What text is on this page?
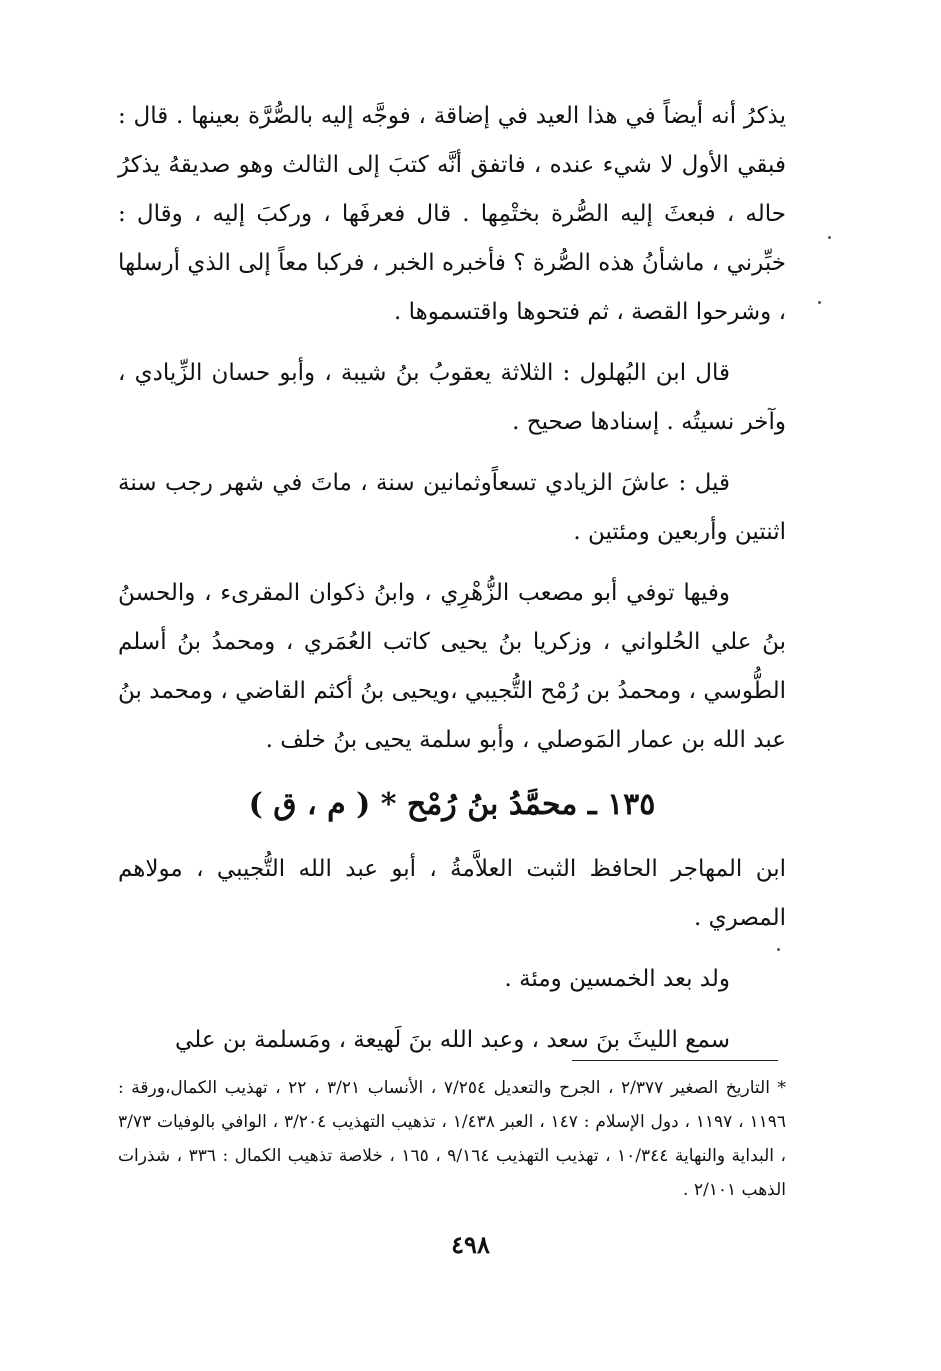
يذكرُ أنه أيضاً في هذا العيد في إضاقة ، فوجَّه إليه بالصُّرَّة بعينها . قال : فبقي الأول لا شيء عنده ، فاتفق أنَّه كتبَ إلى الثالث وهو صديقهُ يذكرُ حاله ، فبعثَ إليه الصُّرة بختْمِها . قال فعرفَها ، وركبَ إليه ، وقال : خبِّرني ، ماشأنُ هذه الصُّرة ؟ فأخبره الخبر ، فركبا معاً إلى الذي أرسلها ، وشرحوا القصة ، ثم فتحوها واقتسموها .

قال ابن البُهلول : الثلاثة يعقوبُ بنُ شيبة ، وأبو حسان الزِّيادي ، وآخر نسيتُه . إسنادها صحيح .

قيل : عاشَ الزيادي تسعاًوثمانين سنة ، ماتَ في شهر رجب سنة اثنتين وأربعين ومئتين .

وفيها توفي أبو مصعب الزُّهْرِي ، وابنُ ذكوان المقرىء ، والحسنُ بنُ علي الحُلواني ، وزكريا بنُ يحيى كاتب العُمَري ، ومحمدُ بنُ أسلم الطُّوسي ، ومحمدُ بن رُمْح التُّجيبي ،ويحيى بنُ أكثم القاضي ، ومحمد بنُ عبد الله بن عمار المَوصلي ، وأبو سلمة يحيى بنُ خلف .

١٣٥ ـ محمَّدُ بنُ رُمْح * ( م ، ق )

ابن المهاجر الحافظ الثبت العلاَّمةُ ، أبو عبد الله التُّجيبي ، مولاهم المصري .

ولد بعد الخمسين ومئة .

سمع الليثَ بنَ سعد ، وعبد الله بنَ لَهيعة ، ومَسلمة بن علي

* التاريخ الصغير ٢/٣٧٧ ، الجرح والتعديل ٧/٢٥٤ ، الأنساب ٣/٢١ ، ٢٢ ، تهذيب الكمال،ورقة : ١١٩٦ ، ١١٩٧ ، دول الإسلام : ١٤٧ ، العبر ١/٤٣٨ ، تذهيب التهذيب ٣/٢٠٤ ، الوافي بالوفيات ٣/٧٣ ، البداية والنهاية ١٠/٣٤٤ ، تهذيب التهذيب ٩/١٦٤ ، ١٦٥ ، خلاصة تذهيب الكمال : ٣٣٦ ، شذرات الذهب ٢/١٠١ .

٤٩٨
